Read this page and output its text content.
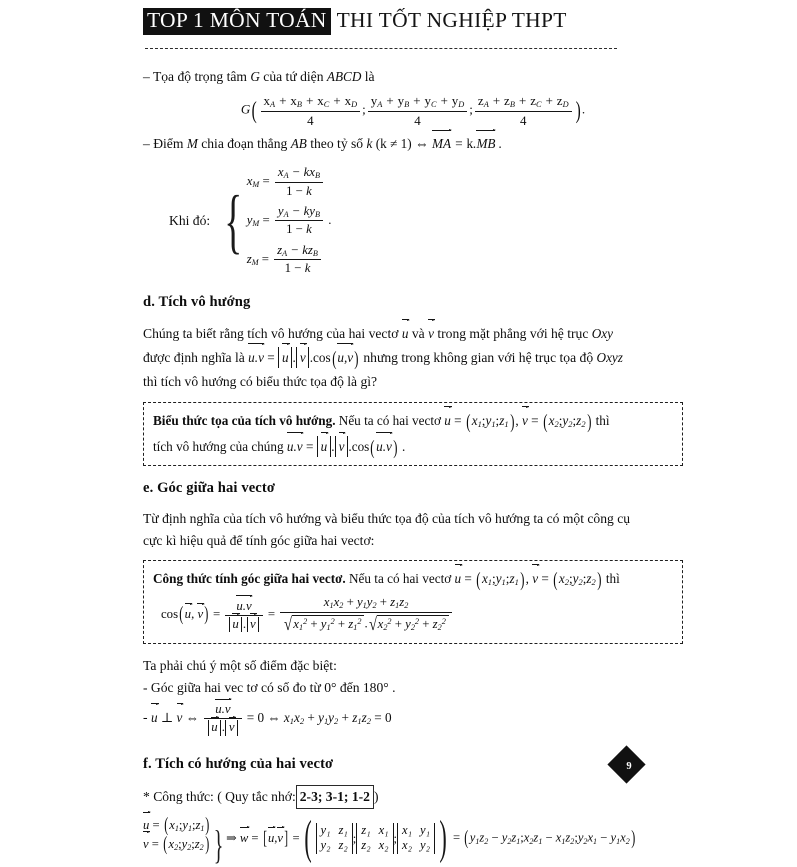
TOP 1 MÔN TOÁN THI TỐT NGHIỆP THPT
– Tọa độ trọng tâm G của tứ diện ABCD là
$G( \frac{x_A + x_B + x_C + x_D}{4}$ ; $\frac{y_A + y_B + y_C + y_D}{4}$ ; $\frac{z_A + z_B + z_C + z_D}{4}$ ) .
– Điểm M chia đoạn thẳng AB theo tỷ số k (k ≠ 1) ⇔ MA = k.MB .
Khi đó: { $x_M = \frac{x_A - kx_B}{1 - k}$
$y_M = \frac{y_A - ky_B}{1 - k}$ .
$z_M = \frac{z_A - kz_B}{1 - k}$
d. Tích vô hướng
Chúng ta biết rằng tích vô hướng của hai vectơ u và v trong mặt phẳng với hệ trục Oxy
được định nghĩa là u.v = u . v .cos(u,v) nhưng trong không gian với hệ trục tọa độ Oxyz
thì tích vô hướng có biểu thức tọa độ là gì?
Biểu thức tọa của tích vô hướng. Nếu ta có hai vectơ $u = (x_1;y_1;z_1)$, $v = (x_2;y_2;z_2)$ thì
tích vô hướng của chúng u.v = u . v .cos(u.v) .
e. Góc giữa hai vectơ
Từ định nghĩa của tích vô hướng và biểu thức tọa độ của tích vô hướng ta có một công cụ
cực kì hiệu quả để tính góc giữa hai vectơ:
Công thức tính góc giữa hai vectơ. Nếu ta có hai vectơ $u = (x_1;y_1;z_1)$, $v = (x_2;y_2;z_2)$ thì
cos(u, $v) = \frac{u.v}{u . v} = \frac{x_1x_2 + y_1y_2 + z_1z_2}{√x_1^2 + y_1^2 + z_1^2 .√x_2^2 + y_2^2 + z_2^2}$
Ta phải chú ý một số điểm đặc biệt:
- Góc giữa hai vec tơ có số đo từ 0° đến 180° .
- u ⊥ v ⇔ $\frac{u.v}{u . v} = 0$ ⇔ $x_1x_2 + y_1y_2 + z_1z_2 = 0$
f. Tích có hướng của hai vectơ
* Công thức: ( Quy tắc nhớ: 2-3; 3-1; 1-2 )
$u = (x_1;y_1;z_1)$
$v = (x_2;y_2;z_2)$ } ⇒ w = [u,v] = ( y₁	z₁
y₂	z₂
;
z₁	x₁
z₂	x₂
;
x₁	y₁
x₂	y₂ ) = ($y_1z_2$ − $y_2z_1;x_2z_1$ − $x_1z_2;y_2x_1 - y_1x_2$)
9
